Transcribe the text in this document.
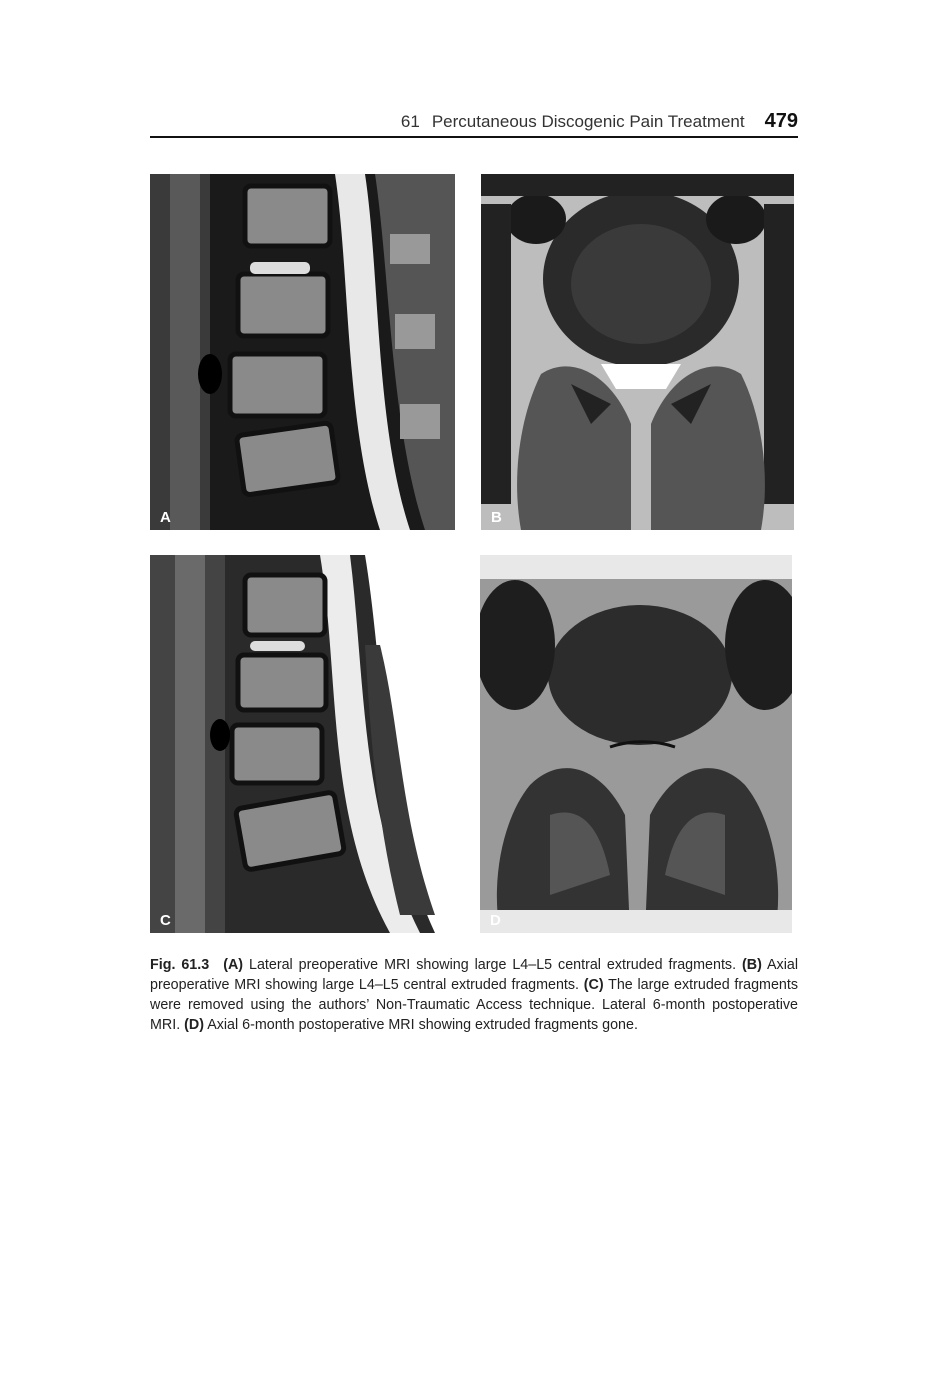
61 Percutaneous Discogenic Pain Treatment 479
A	B
C	D
Fig. 61.3 (A) Lateral preoperative MRI showing large L4–L5 central extruded fragments. (B) Axial preoperative MRI showing large L4–L5 central extruded fragments. (C) The large extruded fragments were removed using the authors’ Non-Traumatic Access technique. Lateral 6-month postoperative MRI. (D) Axial 6-month postoperative MRI showing extruded fragments gone.
